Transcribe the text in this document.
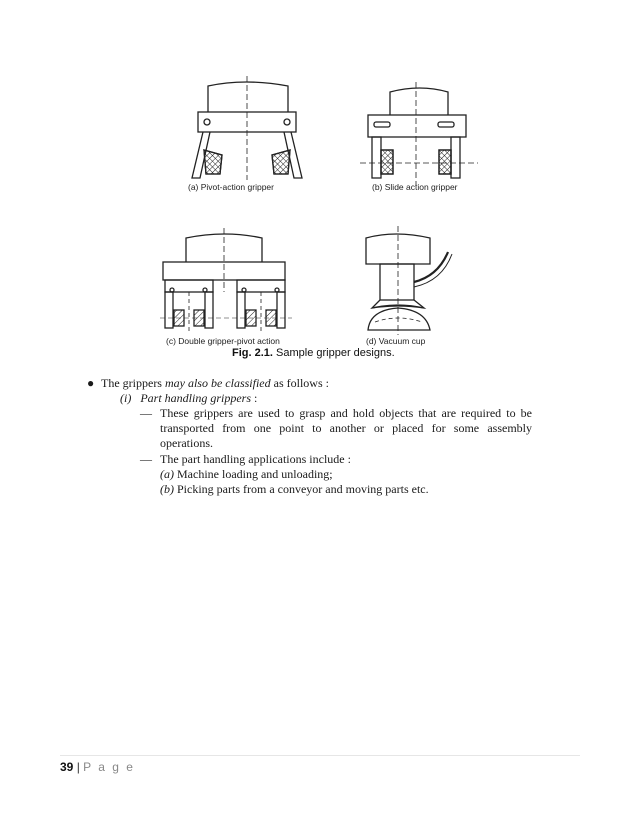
(a) Pivot-action gripper	(b) Slide action gripper
(c) Double gripper-pivot action	(d) Vacuum cup
Fig. 2.1. Sample gripper designs.
● The grippers may also be classified as follows :
(i) Part handling grippers :
— These grippers are used to grasp and hold objects that are required to be transported from one point to another or placed for some assembly operations.
— The part handling applications include :
(a) Machine loading and unloading;
(b) Picking parts from a conveyor and moving parts etc.
39 | P a g e
